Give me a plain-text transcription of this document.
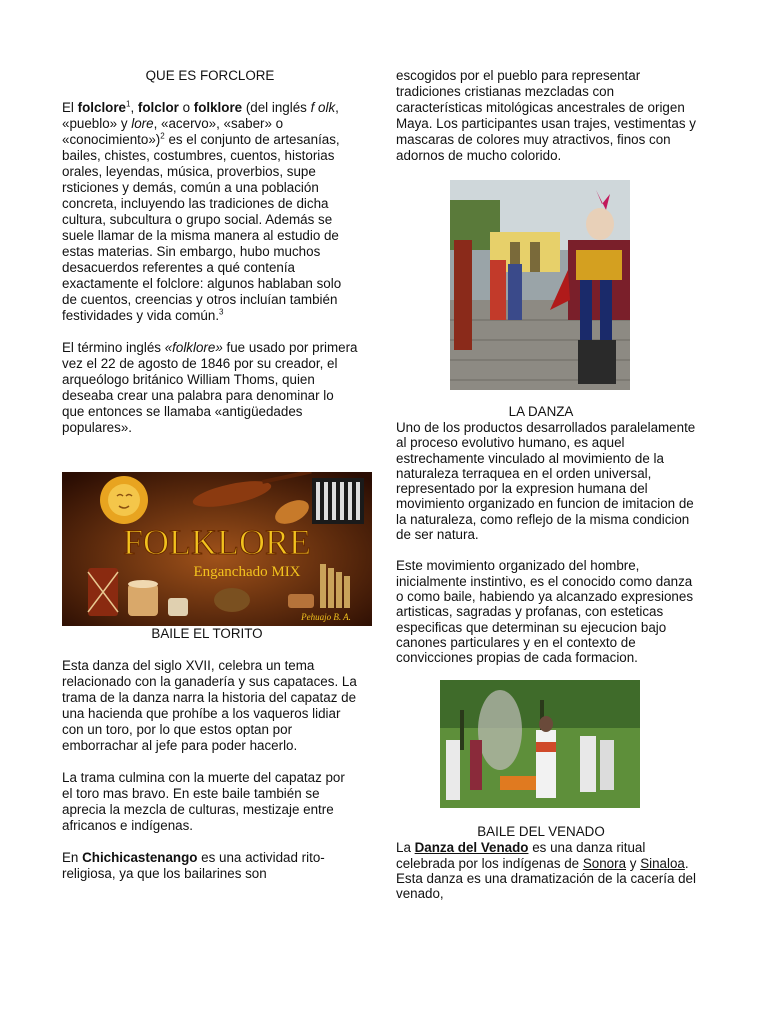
QUE ES FORCLORE

El folclore$^1$, folclor o folklore (del inglés f olk, «pueblo» y lore, «acervo», «saber» o «conocimiento»)$^2$ es el conjunto de artesanías, bailes, chistes, costumbres, cuentos, historias orales, leyendas, música, proverbios, supe rsticiones y demás, común a una población concreta, incluyendo las tradiciones de dicha cultura, subcultura o grupo social. Además se suele llamar de la misma manera al estudio de estas materias. Sin embargo, hubo muchos desacuerdos referentes a qué contenía exactamente el folclore: algunos hablaban solo de cuentos, creencias y otros incluían también festividades y vida común.$^3$

El término inglés «folklore» fue usado por primera vez el 22 de agosto de 1846 por su creador, el arqueólogo británico William Thoms, quien deseaba crear una palabra para denominar lo que entonces se llamaba «antigüedades populares».

FOLKLORE
Enganchado MIX
Pehuajo B. A.

BAILE EL TORITO

Esta danza del siglo XVII, celebra un tema relacionado con la ganadería y sus capataces. La trama de la danza narra la historia del capataz de una hacienda que prohíbe a los vaqueros lidiar con un toro, por lo que estos optan por emborrachar al jefe para poder hacerlo.

La trama culmina con la muerte del capataz por el toro mas bravo. En este baile también se aprecia la mezcla de culturas, mestizaje entre africanos e indígenas.

En Chichicastenango es una actividad rito-religiosa, ya que los bailarines son

escogidos por el pueblo para representar tradiciones cristianas mezcladas con características mitológicas ancestrales de origen Maya. Los participantes usan trajes, vestimentas y mascaras de colores muy atractivos, finos con adornos de mucho colorido.

LA DANZA

Uno de los productos desarrollados paralelamente al proceso evolutivo humano, es aquel estrechamente vinculado al movimiento de la naturaleza terraquea en el orden universal, representado por la expresion humana del movimiento organizado en funcion de imitacion de la naturaleza, como reflejo de la misma condicion de ser natura.

Este movimiento organizado del hombre, inicialmente instintivo, es el conocido como danza o como baile, habiendo ya alcanzado expresiones artisticas, sagradas y profanas, con esteticas especificas que determinan su ejecucion bajo canones particulares y en el contexto de convicciones propias de cada formacion.

BAILE DEL VENADO

La Danza del Venado es una danza ritual celebrada por los indígenas de Sonora y Sinaloa. Esta danza es una dramatización de la cacería del venado,
